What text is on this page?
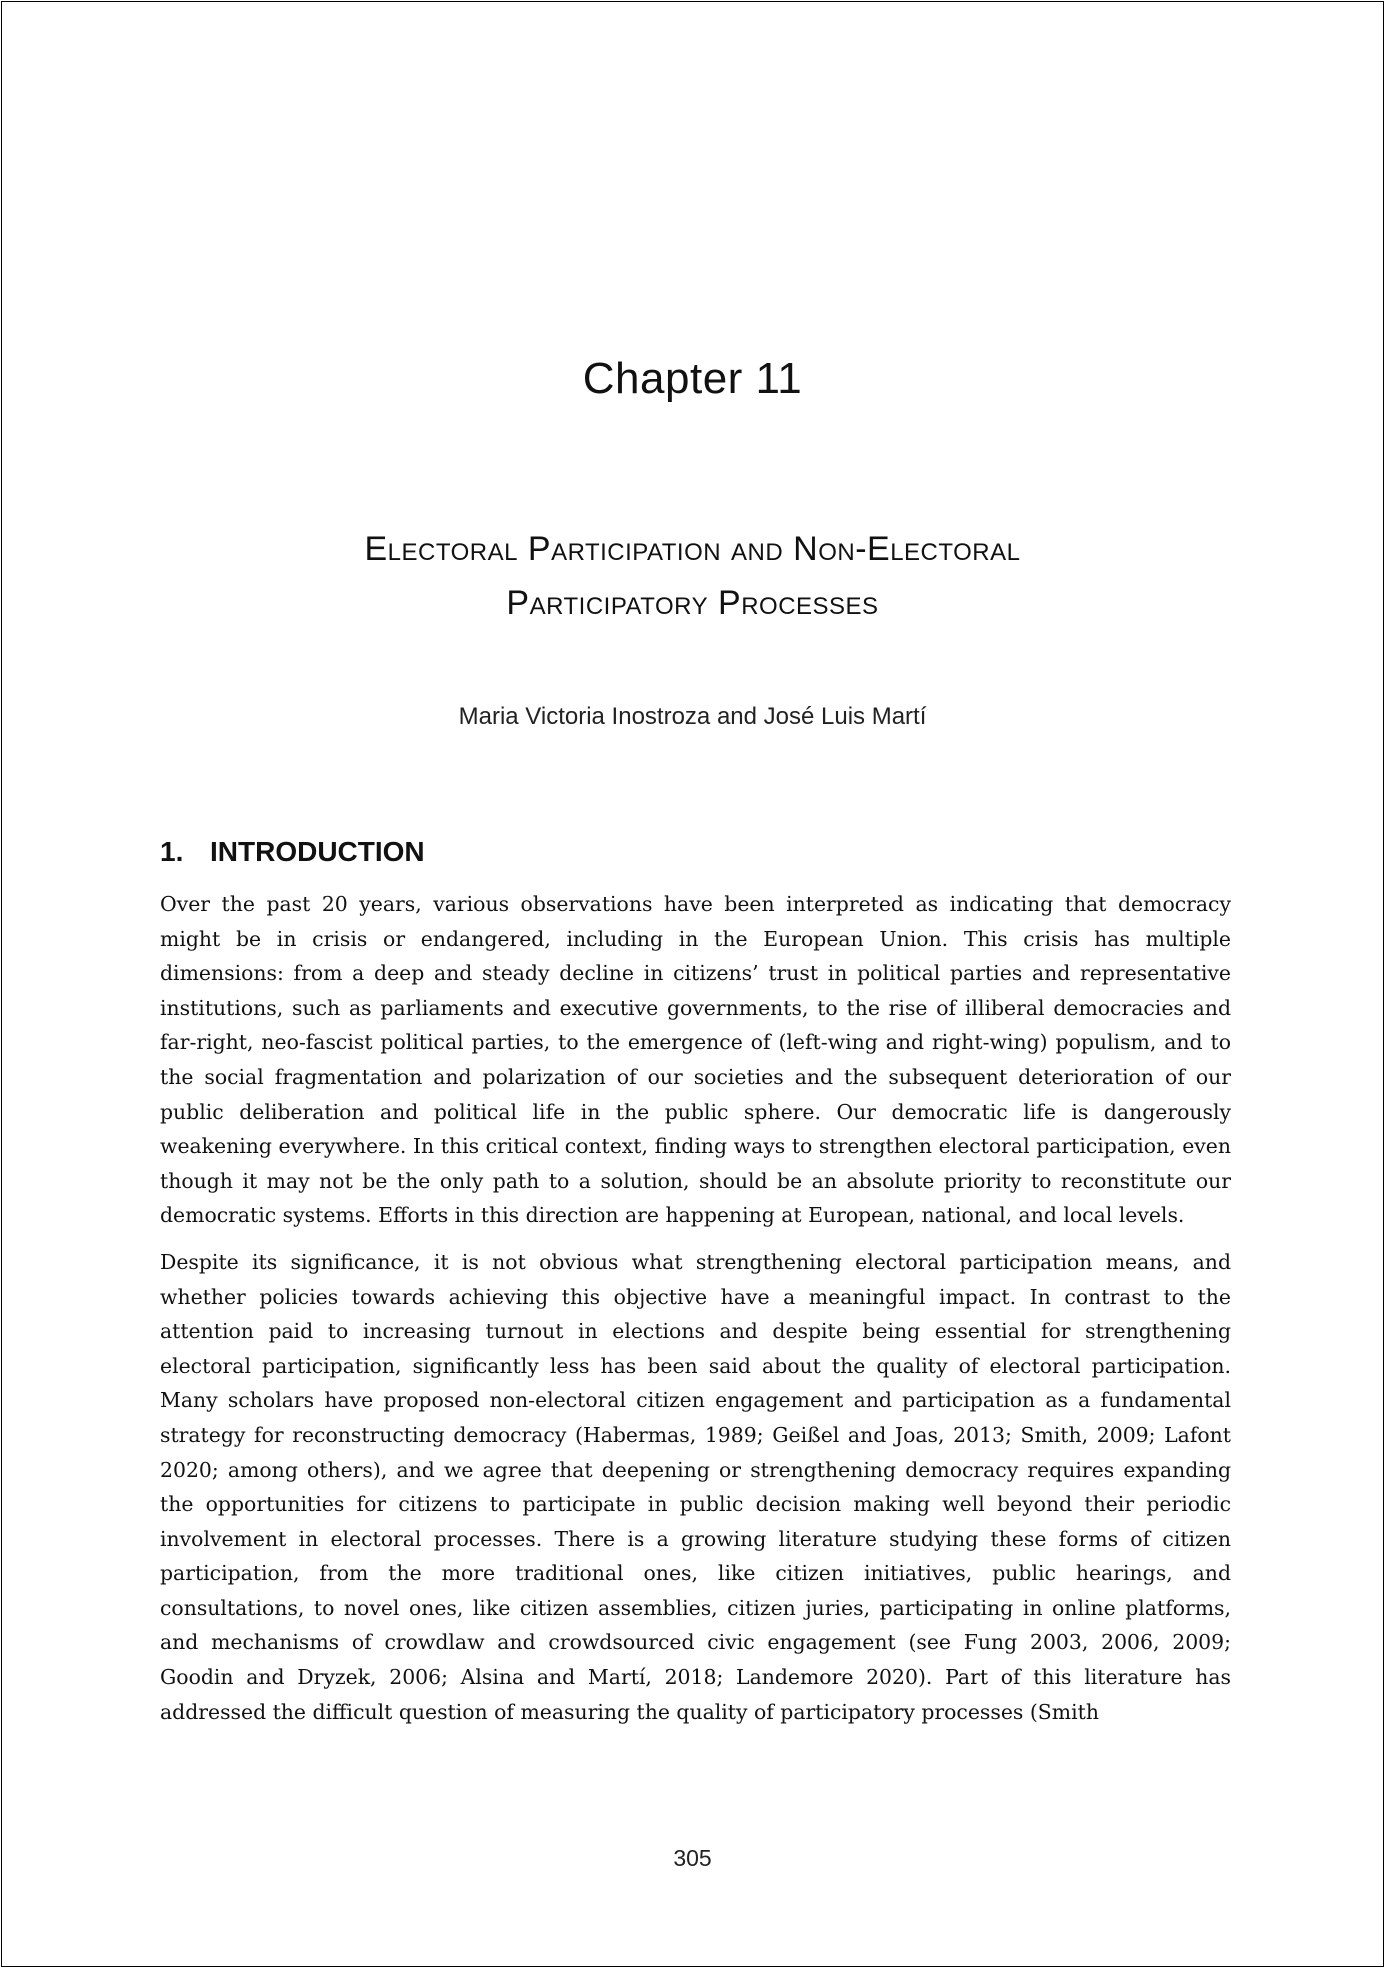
Chapter 11
Electoral Participation and Non-Electoral
Participatory Processes
Maria Victoria Inostroza and José Luis Martí
1. INTRODUCTION

Over the past 20 years, various observations have been interpreted as indicating that democracy might be in crisis or endangered, including in the European Union. This crisis has multiple dimensions: from a deep and steady decline in citizens’ trust in political parties and representative institutions, such as parliaments and executive governments, to the rise of illiberal democracies and far-right, neo-fascist political parties, to the emergence of (left-wing and right-wing) populism, and to the social fragmentation and polarization of our societies and the subsequent deterioration of our public deliberation and political life in the public sphere. Our democratic life is dangerously weakening everywhere. In this critical context, finding ways to strengthen electoral participation, even though it may not be the only path to a solution, should be an absolute priority to reconstitute our democratic systems. Efforts in this direction are happening at European, national, and local levels.

Despite its significance, it is not obvious what strengthening electoral participation means, and whether policies towards achieving this objective have a meaningful impact. In contrast to the attention paid to increasing turnout in elections and despite being essential for strengthening electoral participation, significantly less has been said about the quality of electoral participation. Many scholars have proposed non-electoral citizen engagement and participation as a fundamental strategy for reconstructing democracy (Habermas, 1989; Geißel and Joas, 2013; Smith, 2009; Lafont 2020; among others), and we agree that deepening or strengthening democracy requires expanding the opportunities for citizens to participate in public decision making well beyond their periodic involvement in electoral processes. There is a growing literature studying these forms of citizen participation, from the more traditional ones, like citizen initiatives, public hearings, and consultations, to novel ones, like citizen assemblies, citizen juries, participating in online platforms, and mechanisms of crowdlaw and crowdsourced civic engagement (see Fung 2003, 2006, 2009; Goodin and Dryzek, 2006; Alsina and Martí, 2018; Landemore 2020). Part of this literature has addressed the difficult question of measuring the quality of participatory processes (Smith

305
